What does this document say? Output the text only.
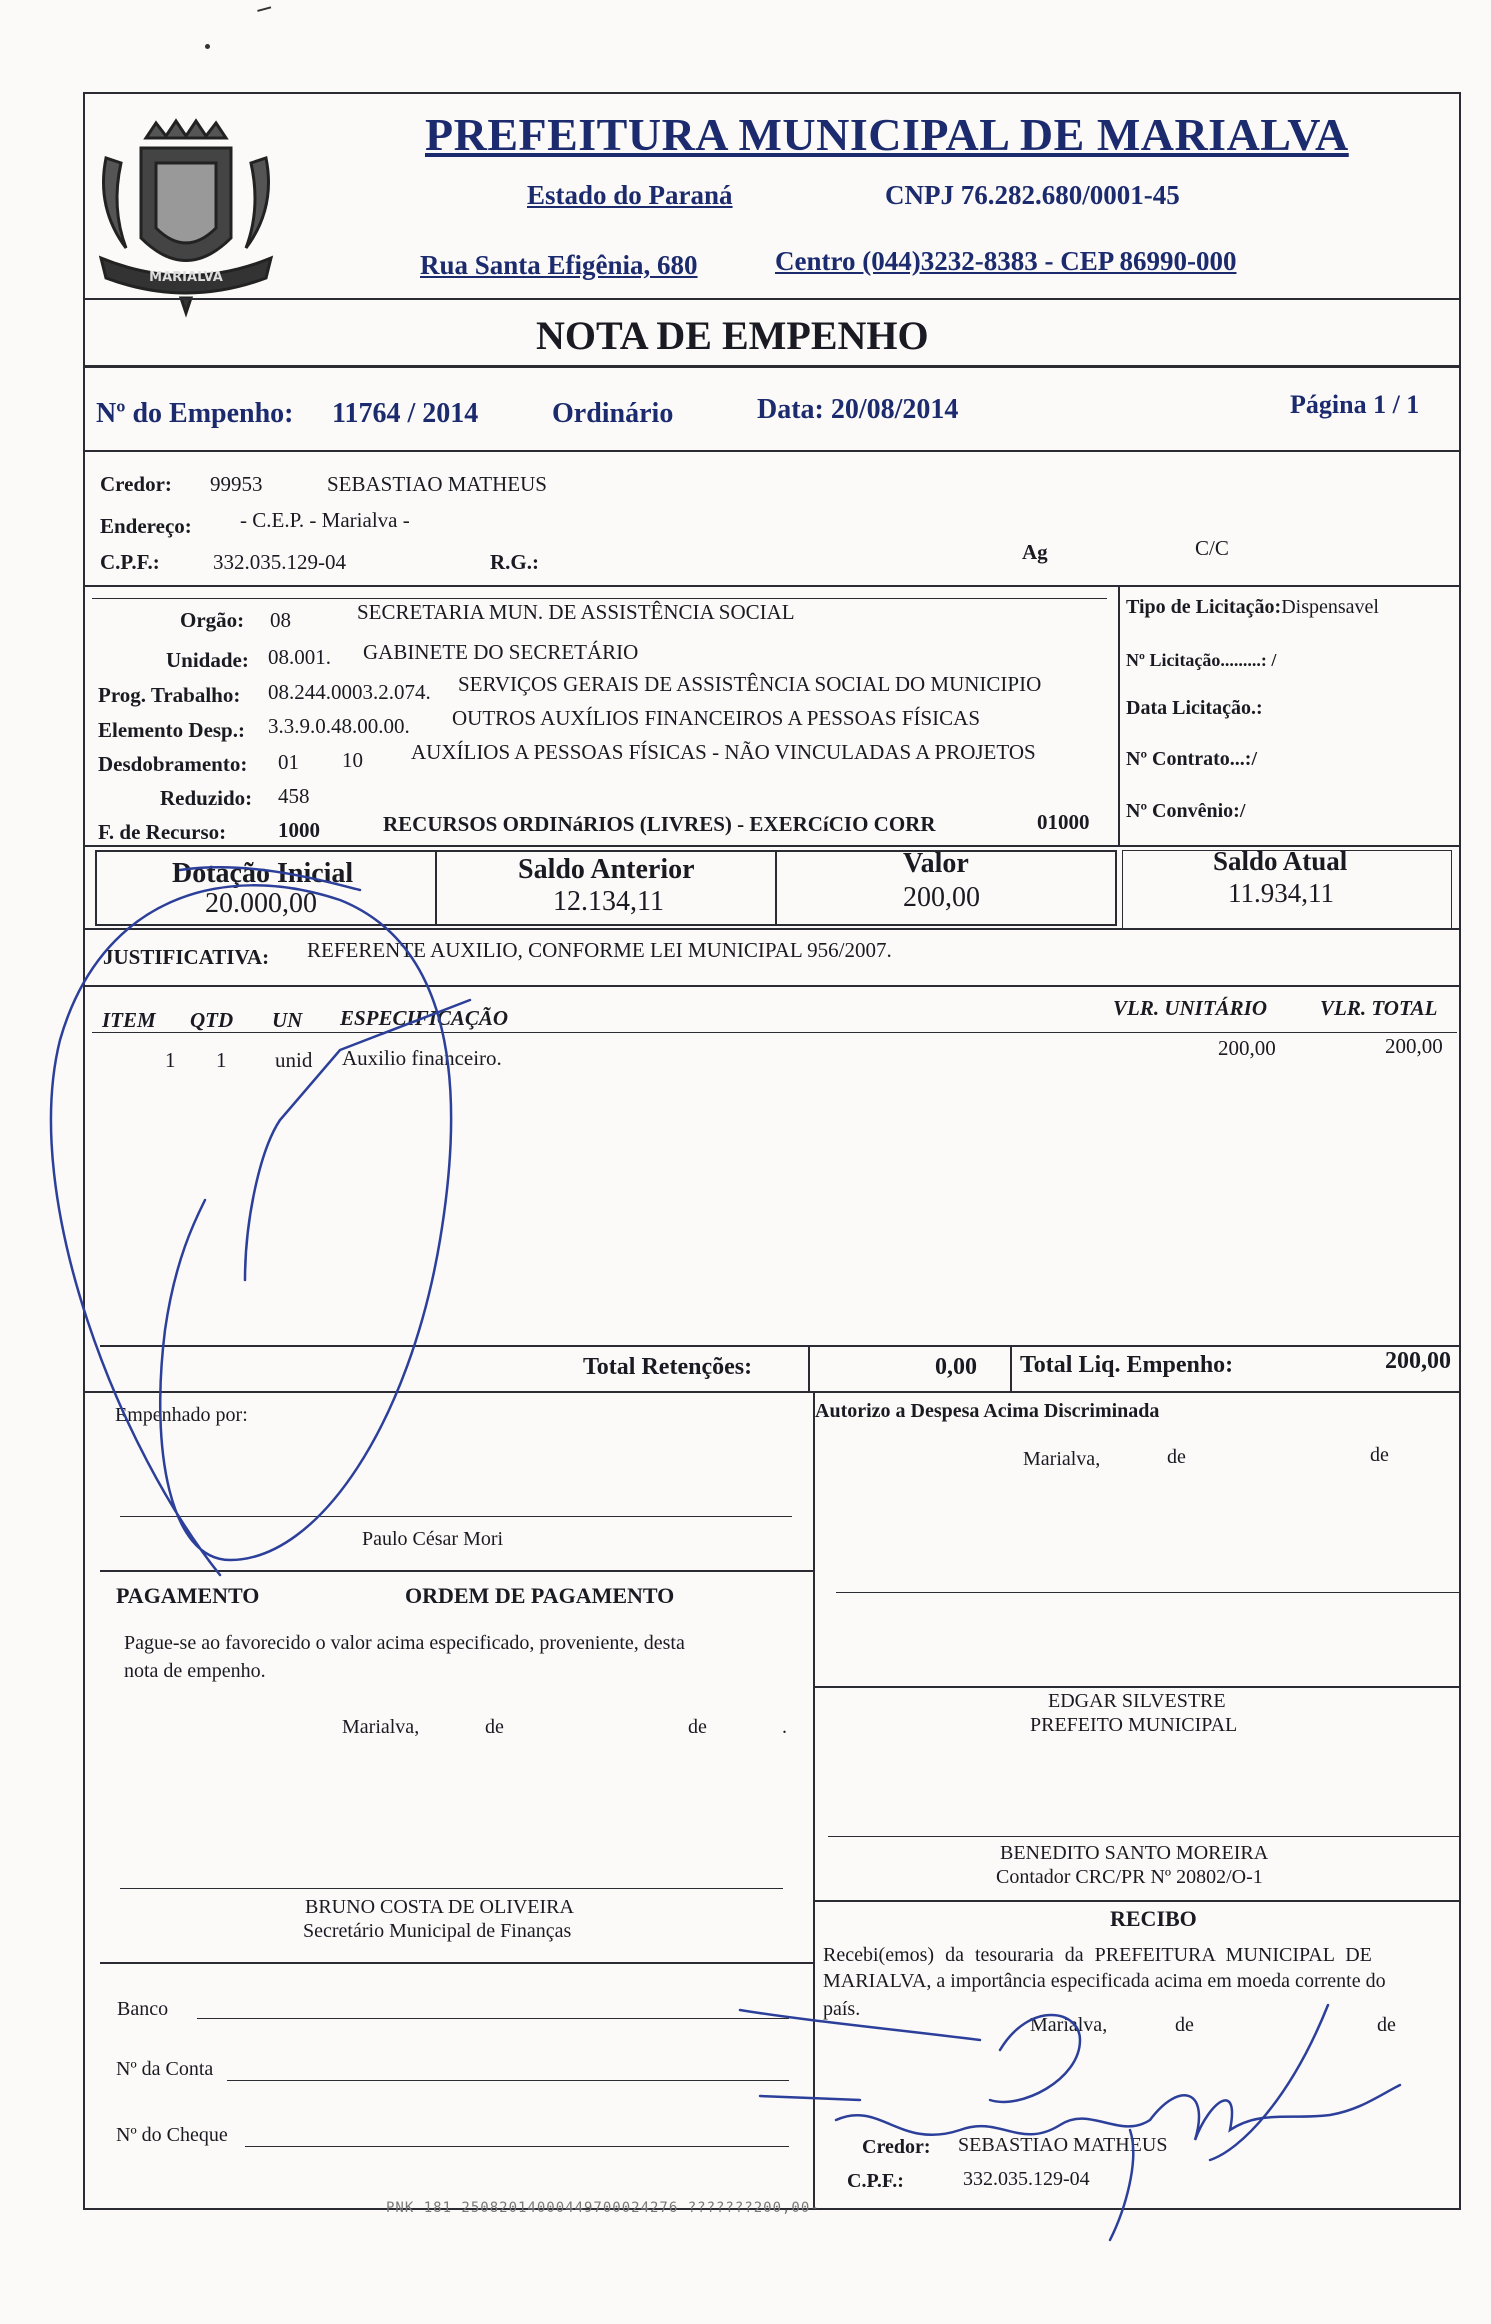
MARIALVA
PREFEITURA MUNICIPAL DE MARIALVA
Estado do Paraná	CNPJ 76.282.680/0001-45
Rua Santa Efigênia, 680	Centro (044)3232-8383 - CEP 86990-000
NOTA DE EMPENHO
Nº do Empenho: 11764 / 2014	Ordinário	Data: 20/08/2014	Página 1 / 1
Credor: 99953	SEBASTIAO MATHEUS
Endereço: - C.E.P. - Marialva -
C.P.F.:	332.035.129-04	R.G.:	Ag	C/C
Orgão: 08	SECRETARIA MUN. DE ASSISTÊNCIA SOCIAL
Unidade: 08.001. GABINETE DO SECRETÁRIO
Prog. Trabalho: 08.244.0003.2.074. SERVIÇOS GERAIS DE ASSISTÊNCIA SOCIAL DO MUNICIPIO
Elemento Desp.: 3.3.9.0.48.00.00. OUTROS AUXÍLIOS FINANCEIROS A PESSOAS FÍSICAS
Desdobramento: 01 10 AUXÍLIOS A PESSOAS FÍSICAS - NÃO VINCULADAS A PROJETOS
Reduzido: 458
F. de Recurso: 1000	RECURSOS ORDINáRIOS (LIVRES) - EXERCíCIO CORR	01000
Tipo de Licitação:Dispensavel
Nº Licitação.........: /
Data Licitação.:
Nº Contrato...:/
Nº Convênio:/
Dotação Inicial
20.000,00
Saldo Anterior
12.134,11
Valor
200,00
Saldo Atual
11.934,11
JUSTIFICATIVA: REFERENTE AUXILIO, CONFORME LEI MUNICIPAL 956/2007.
ITEM QTD UN ESPECIFICAÇÃO	VLR. UNITÁRIO	VLR. TOTAL
1 1 unid Auxilio financeiro.	200,00	200,00
Total Retenções:	0,00 Total Liq. Empenho:	200,00
Empenhado por:
Paulo César Mori
PAGAMENTO	ORDEM DE PAGAMENTO
Pague-se ao favorecido o valor acima especificado, proveniente, desta
nota de empenho.
Marialva,	de	de	.
BRUNO COSTA DE OLIVEIRA
Secretário Municipal de Finanças
Banco
Nº da Conta
Nº do Cheque
Autorizo a Despesa Acima Discriminada
Marialva,	de	de
EDGAR SILVESTRE
PREFEITO MUNICIPAL
BENEDITO SANTO MOREIRA
Contador CRC/PR Nº 20802/O-1
RECIBO
Recebi(emos) da tesouraria da PREFEITURA MUNICIPAL DE
MARIALVA, a importância especificada acima em moeda corrente do
país.
Marialva,	de	de
Credor: SEBASTIAO MATHEUS
C.P.F.:	332.035.129-04
PNK 181 25082014000449700024276 ???????200,00-
